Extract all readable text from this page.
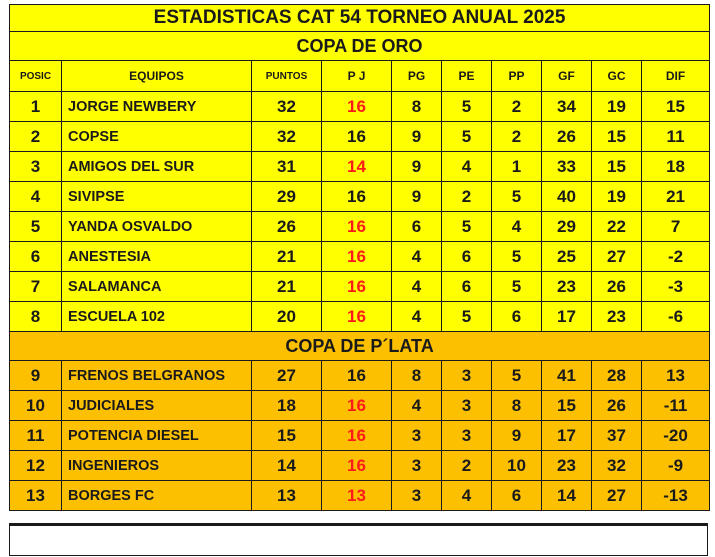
ESTADISTICAS CAT 54 TORNEO ANUAL 2025									
COPA DE ORO									
POSIC	EQUIPOS	PUNTOS	P J	PG	PE	PP	GF	GC	DIF
1	JORGE NEWBERY	32	16	8	5	2	34	19	15
2	COPSE	32	16	9	5	2	26	15	11
3	AMIGOS DEL SUR	31	14	9	4	1	33	15	18
4	SIVIPSE	29	16	9	2	5	40	19	21
5	YANDA OSVALDO	26	16	6	5	4	29	22	7
6	ANESTESIA	21	16	4	6	5	25	27	-2
7	SALAMANCA	21	16	4	6	5	23	26	-3
8	ESCUELA 102	20	16	4	5	6	17	23	-6
COPA DE P´LATA									
9	FRENOS BELGRANOS	27	16	8	3	5	41	28	13
10	JUDICIALES	18	16	4	3	8	15	26	-11
11	POTENCIA DIESEL	15	16	3	3	9	17	37	-20
12	INGENIEROS	14	16	3	2	10	23	32	-9
13	BORGES FC	13	13	3	4	6	14	27	-13
